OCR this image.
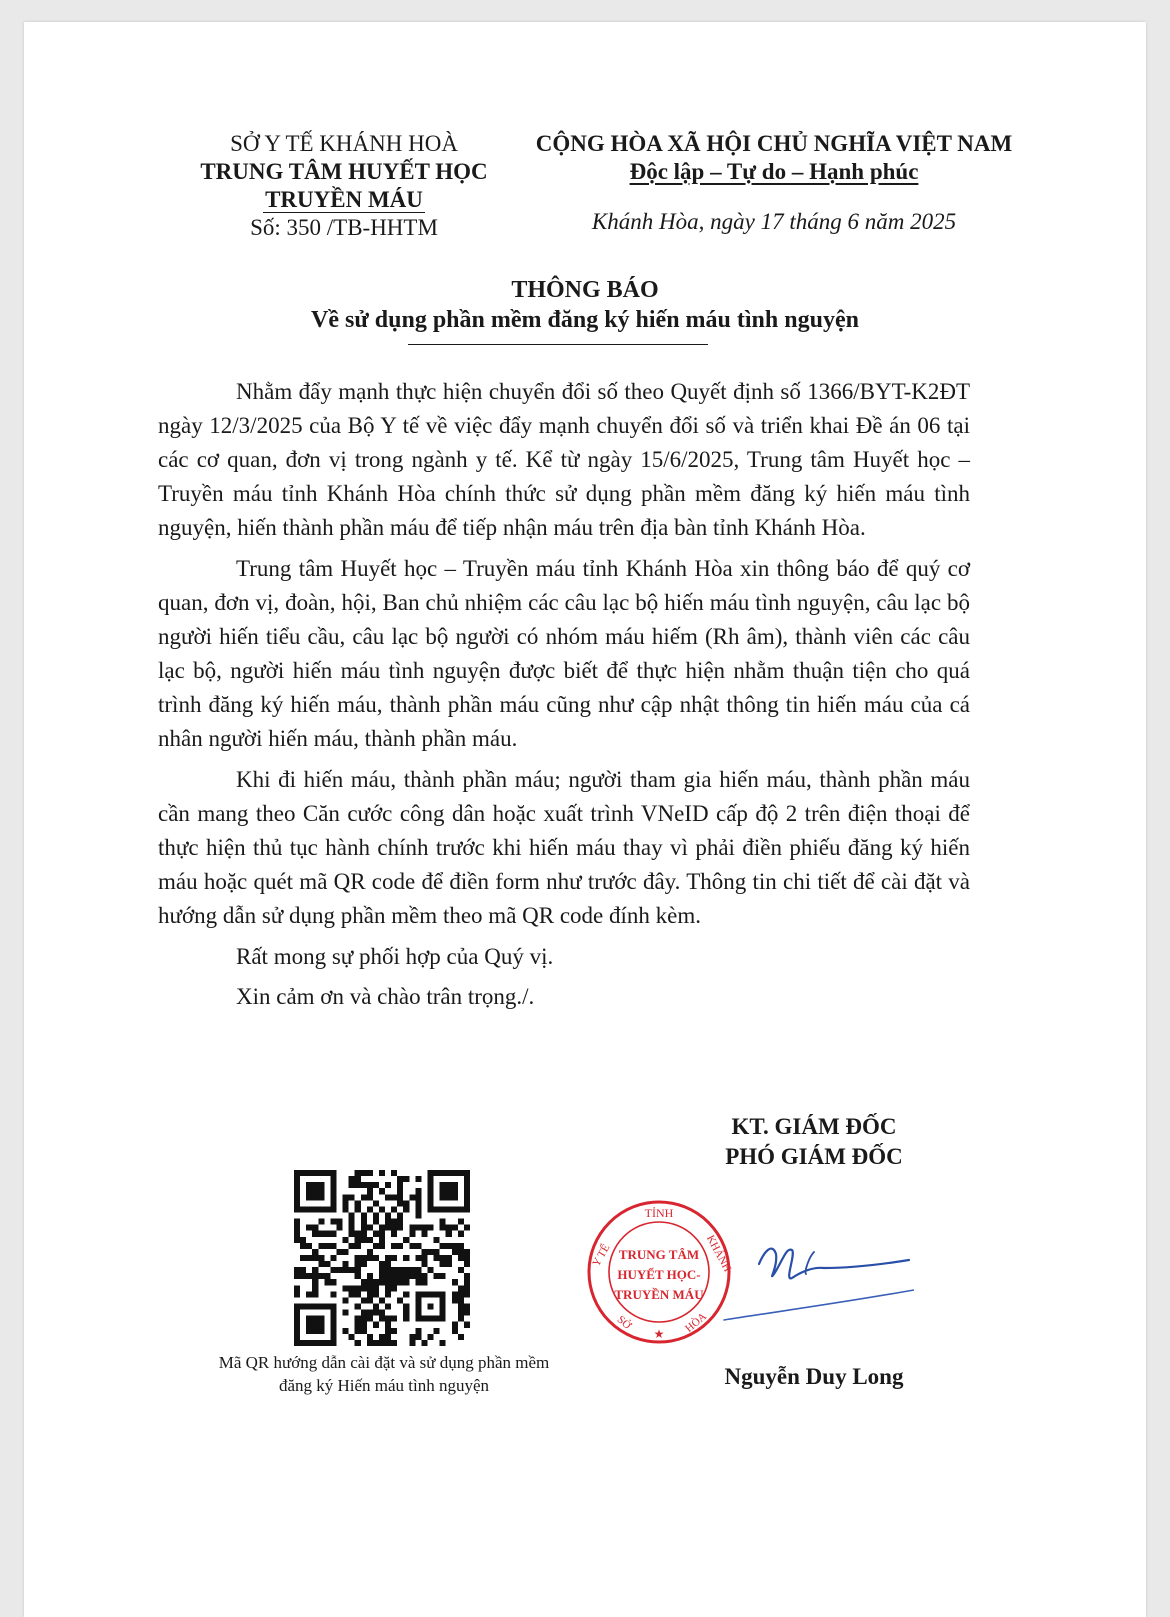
SỞ Y TẾ KHÁNH HOÀ
TRUNG TÂM HUYẾT HỌC
TRUYỀN MÁU
Số: 350 /TB-HHTM
CỘNG HÒA XÃ HỘI CHỦ NGHĨA VIỆT NAM
Độc lập – Tự do – Hạnh phúc
Khánh Hòa, ngày 17 tháng 6 năm 2025
THÔNG BÁO
Về sử dụng phần mềm đăng ký hiến máu tình nguyện

Nhằm đẩy mạnh thực hiện chuyển đổi số theo Quyết định số 1366/BYT-K2ĐT ngày 12/3/2025 của Bộ Y tế về việc đẩy mạnh chuyển đổi số và triển khai Đề án 06 tại các cơ quan, đơn vị trong ngành y tế. Kể từ ngày 15/6/2025, Trung tâm Huyết học – Truyền máu tỉnh Khánh Hòa chính thức sử dụng phần mềm đăng ký hiến máu tình nguyện, hiến thành phần máu để tiếp nhận máu trên địa bàn tỉnh Khánh Hòa.

Trung tâm Huyết học – Truyền máu tỉnh Khánh Hòa xin thông báo để quý cơ quan, đơn vị, đoàn, hội, Ban chủ nhiệm các câu lạc bộ hiến máu tình nguyện, câu lạc bộ người hiến tiểu cầu, câu lạc bộ người có nhóm máu hiếm (Rh âm), thành viên các câu lạc bộ, người hiến máu tình nguyện được biết để thực hiện nhằm thuận tiện cho quá trình đăng ký hiến máu, thành phần máu cũng như cập nhật thông tin hiến máu của cá nhân người hiến máu, thành phần máu.

Khi đi hiến máu, thành phần máu; người tham gia hiến máu, thành phần máu cần mang theo Căn cước công dân hoặc xuất trình VNeID cấp độ 2 trên điện thoại để thực hiện thủ tục hành chính trước khi hiến máu thay vì phải điền phiếu đăng ký hiến máu hoặc quét mã QR code để điền form như trước đây. Thông tin chi tiết để cài đặt và hướng dẫn sử dụng phần mềm theo mã QR code đính kèm.

Rất mong sự phối hợp của Quý vị.

Xin cảm ơn và chào trân trọng./.

KT. GIÁM ĐỐC
PHÓ GIÁM ĐỐC
TỈNH
Y TẾ	KHÁNH
TRUNG TÂM
HUYẾT HỌC-
TRUYỀN MÁU
SỞ	HÒA
★
Nguyễn Duy Long
Mã QR hướng dẫn cài đặt và sử dụng phần mềm
đăng ký Hiến máu tình nguyện
